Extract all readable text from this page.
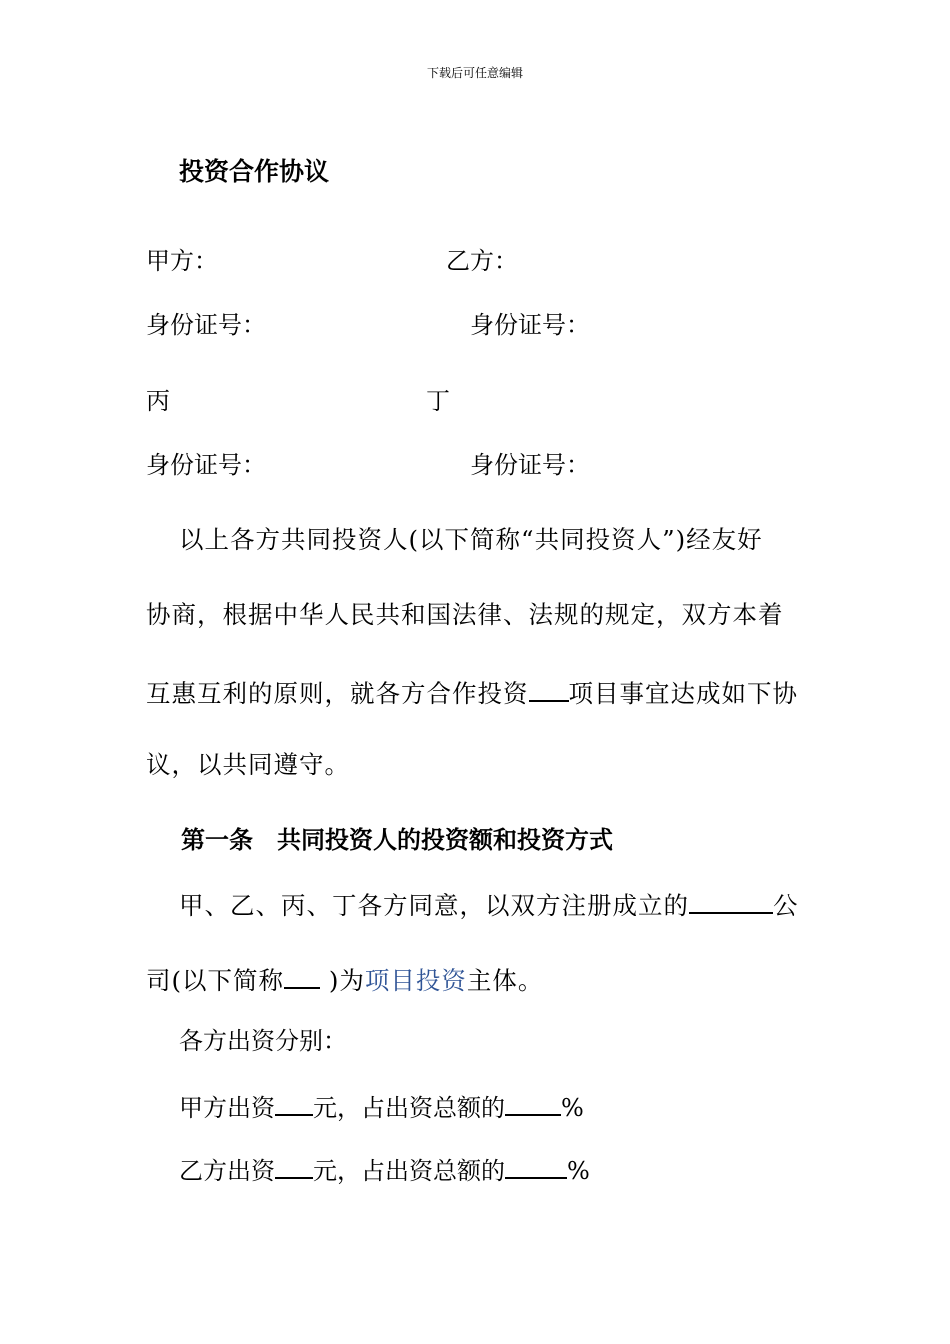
下载后可任意编辑
投资合作协议
甲方：	乙方：
身份证号：	身份证号：
丙	丁
身份证号：	身份证号：
以上各方共同投资人(以下简称“共同投资人”)经友好
协商，根据中华人民共和国法律、法规的规定，双方本着
互惠互利的原则，就各方合作投资 项目事宜达成如下协
议，以共同遵守。
第一条　共同投资人的投资额和投资方式
甲、乙、丙、丁各方同意，以双方注册成立的	公
司(以下简称 )为项目投资主体。
各方出资分别：
甲方出资 元，占出资总额的 %
乙方出资 元，占出资总额的	%
